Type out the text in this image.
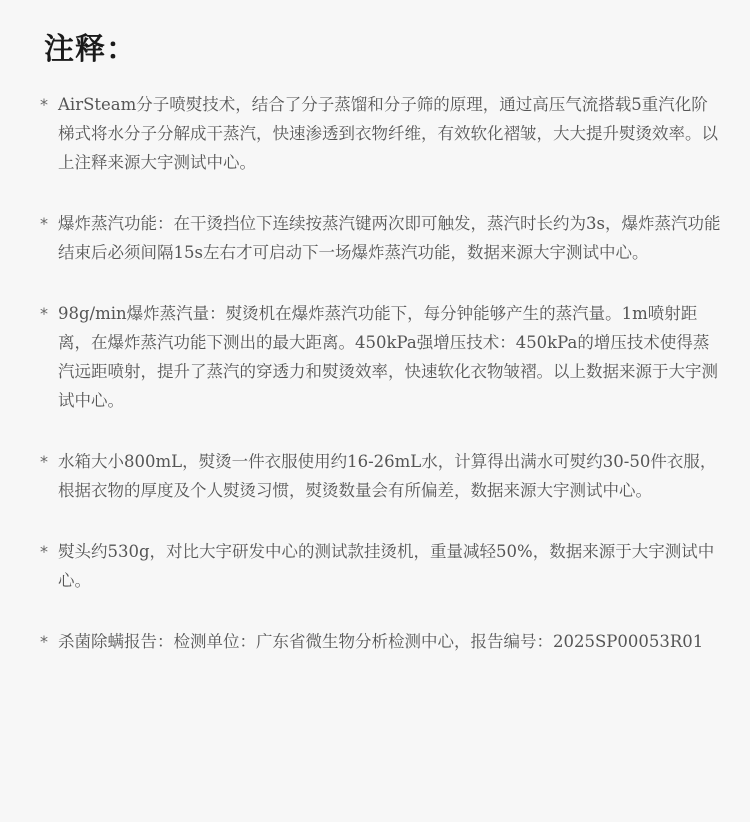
注释：
* AirSteam分子喷熨技术，结合了分子蒸馏和分子筛的原理，通过高压气流搭载5重汽化阶梯式将水分子分解成干蒸汽，快速渗透到衣物纤维，有效软化褶皱，大大提升熨烫效率。以上注释来源大宇测试中心。
* 爆炸蒸汽功能：在干烫挡位下连续按蒸汽键两次即可触发，蒸汽时长约为3s，爆炸蒸汽功能结束后必须间隔15s左右才可启动下一场爆炸蒸汽功能，数据来源大宇测试中心。
* 98g/min爆炸蒸汽量：熨烫机在爆炸蒸汽功能下，每分钟能够产生的蒸汽量。1m喷射距离，在爆炸蒸汽功能下测出的最大距离。450kPa强增压技术：450kPa的增压技术使得蒸汽远距喷射，提升了蒸汽的穿透力和熨烫效率，快速软化衣物皱褶。以上数据来源于大宇测试中心。
* 水箱大小800mL，熨烫一件衣服使用约16-26mL水，计算得出满水可熨约30-50件衣服，根据衣物的厚度及个人熨烫习惯，熨烫数量会有所偏差，数据来源大宇测试中心。
* 熨头约530g，对比大宇研发中心的测试款挂烫机，重量减轻50%，数据来源于大宇测试中心。
* 杀菌除螨报告：检测单位：广东省微生物分析检测中心，报告编号：2025SP00053R01
